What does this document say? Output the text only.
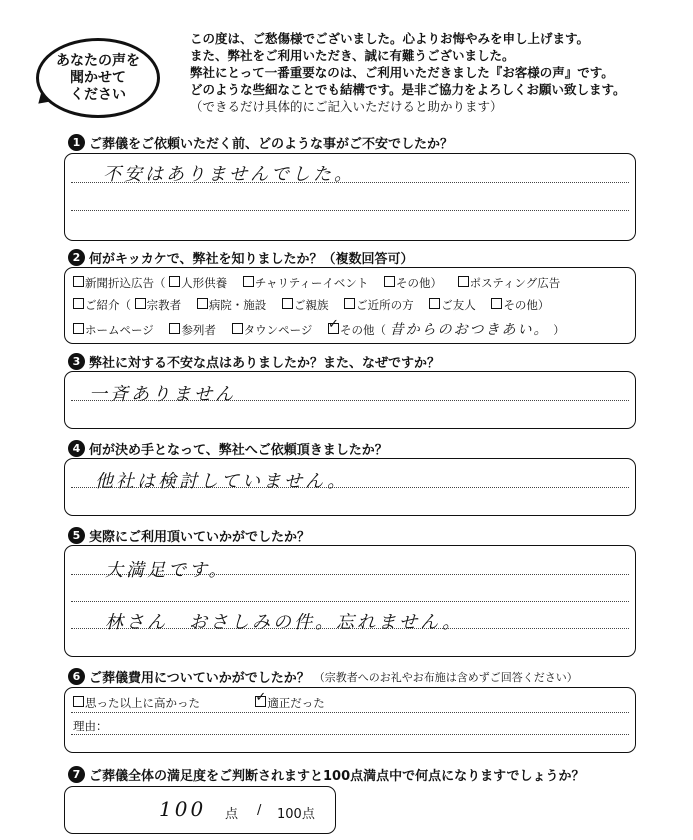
あなたの声を
聞かせて
ください
この度は、ご愁傷様でございました。心よりお悔やみを申し上げます。
また、弊社をご利用いただき、誠に有難うございました。
弊社にとって一番重要なのは、ご利用いただきました『お客様の声』です。
どのような些細なことでも結構です。是非ご協力をよろしくお願い致します。
（できるだけ具体的にご記入いただけると助かります）
1 ご葬儀をご依頼いただく前、どのような事がご不安でしたか？
不安はありませんでした。
2 何がキッカケで、弊社を知りましたか？（複数回答可）
新聞折込広告（ 人形供養 チャリティーイベント その他） ポスティング広告
ご紹介（ 宗教者 病院・施設 ご親族 ご近所の方 ご友人 その他）
ホームページ 参列者 タウンページ ✓ その他（ 昔からのおつきあい。 ）
3 弊社に対する不安な点はありましたか？また、なぜですか？
一斉ありません
4 何が決め手となって、弊社へご依頼頂きましたか？
他社は検討していません。
5 実際にご利用頂いていかがでしたか？
大満足です。
林さん　おさしみの件。忘れません。
6 ご葬儀費用についていかがでしたか？ （宗教者へのお礼やお布施は含めずご回答ください）
思った以上に高かった ✓	適正だった
理由：
7 ご葬儀全体の満足度をご判断されますと100点満点中で何点になりますでしょうか？
100 点 / 100点
